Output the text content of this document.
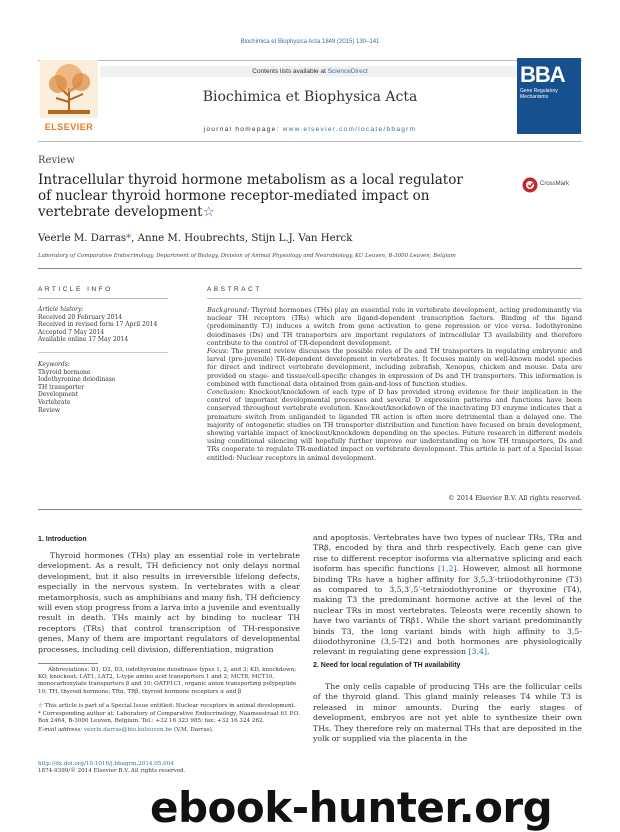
Biochimica et Biophysica Acta 1849 (2015) 130–141
ELSEVIER
Contents lists available at ScienceDirect
Biochimica et Biophysica Acta
journal homepage: www.elsevier.com/locate/bbagrm
BBA
Gene Regulatory Mechanisms
Review
Intracellular thyroid hormone metabolism as a local regulator of nuclear thyroid hormone receptor-mediated impact on vertebrate development☆
CrossMark
Veerle M. Darras*, Anne M. Houbrechts, Stijn L.J. Van Herck
Laboratory of Comparative Endocrinology, Department of Biology, Division of Animal Physiology and Neurobiology, KU Leuven, B-3000 Leuven, Belgium
ARTICLE INFO	ABSTRACT
Article history:
Received 20 February 2014
Received in revised form 17 April 2014
Accepted 7 May 2014
Available online 17 May 2014
Keywords:
Thyroid hormone
Iodothyronine deiodinase
TH transporter
Development
Vertebrate
Review
Background: Thyroid hormones (THs) play an essential role in vertebrate development, acting predominantly via nuclear TH receptors (TRs) which are ligand-dependent transcription factors. Binding of the ligand (predominantly T3) induces a switch from gene activation to gene repression or vice versa. Iodothyronine deiodinases (Ds) and TH transporters are important regulators of intracellular T3 availability and therefore contribute to the control of TR-dependent development.
Focus: The present review discusses the possible roles of Ds and TH transporters in regulating embryonic and larval (pre-juvenile) TR-dependent development in vertebrates. It focuses mainly on well-known model species for direct and indirect vertebrate development, including zebrafish, Xenopus, chicken and mouse. Data are provided on stage- and tissue/cell-specific changes in expression of Ds and TH transporters. This information is combined with functional data obtained from gain-and-loss of function studies.
Conclusion: Knockout/knockdown of each type of D has provided strong evidence for their implication in the control of important developmental processes and several D expression patterns and functions have been conserved throughout vertebrate evolution. Knockout/knockdown of the inactivating D3 enzyme indicates that a premature switch from unliganded to liganded TR action is often more detrimental than a delayed one. The majority of ontogenetic studies on TH transporter distribution and function have focused on brain development, showing variable impact of knockout/knockdown depending on the species. Future research in different models using conditional silencing will hopefully further improve our understanding on how TH transporters, Ds and TRs cooperate to regulate TR-mediated impact on vertebrate development. This article is part of a Special Issue entitled: Nuclear receptors in animal development.
© 2014 Elsevier B.V. All rights reserved.
1. Introduction
Thyroid hormones (THs) play an essential role in vertebrate development. As a result, TH deficiency not only delays normal development, but it also results in irreversible lifelong defects, especially in the nervous system. In vertebrates with a clear metamorphosis, such as amphibians and many fish, TH deficiency will even stop progress from a larva into a juvenile and eventually result in death. THs mainly act by binding to nuclear TH receptors (TRs) that control transcription of TH-responsive genes. Many of them are important regulators of developmental processes, including cell division, differentiation, migration
and apoptosis. Vertebrates have two types of nuclear TRs, TRα and TRβ, encoded by thra and thrb respectively. Each gene can give rise to different receptor isoforms via alternative splicing and each isoform has specific functions [1,2]. However, almost all hormone binding TRs have a higher affinity for 3,5,3′-triiodothyronine (T3) as compared to 3,5,3′,5′-tetraiodothyronine or thyroxine (T4), making T3 the predominant hormone active at the level of the nuclear TRs in most vertebrates. Teleosts were recently shown to have two variants of TRβ1. While the short variant predominantly binds T3, the long variant binds with high affinity to 3,5-diiodothyronine (3,5-T2) and both hormones are physiologically relevant in regulating gene expression [3,4].
2. Need for local regulation of TH availability
The only cells capable of producing THs are the follicular cells of the thyroid gland. This gland mainly releases T4 while T3 is released in minor amounts. During the early stages of development, embryos are not yet able to synthesize their own THs. They therefore rely on maternal THs that are deposited in the yolk or supplied via the placenta in the
Abbreviations: D1, D2, D3, iodothyronine deiodinase types 1, 2, and 3; KD, knockdown; KO, knockout; LAT1, LAT2, L-type amino acid transporters 1 and 2; MCT8, MCT10, monocarboxylate transporters 8 and 10; OATP1C1, organic anion transporting polypeptide 10; TH, thyroid hormone; TRα, TRβ, thyroid hormone receptors α and β
☆ This article is part of a Special Issue entitled: Nuclear receptors in animal development.
* Corresponding author at: Laboratory of Comparative Endocrinology, Naamsestraat 61 P.O. Box 2464, B-3000 Leuven, Belgium. Tel.: +32 16 323 985; fax: +32 16 324 262.
E-mail address: veerle.darras@bio.kuleuven.be (V.M. Darras).
http://dx.doi.org/10.1016/j.bbagrm.2014.05.004
1874-9399/© 2014 Elsevier B.V. All rights reserved.
ebook-hunter.org
